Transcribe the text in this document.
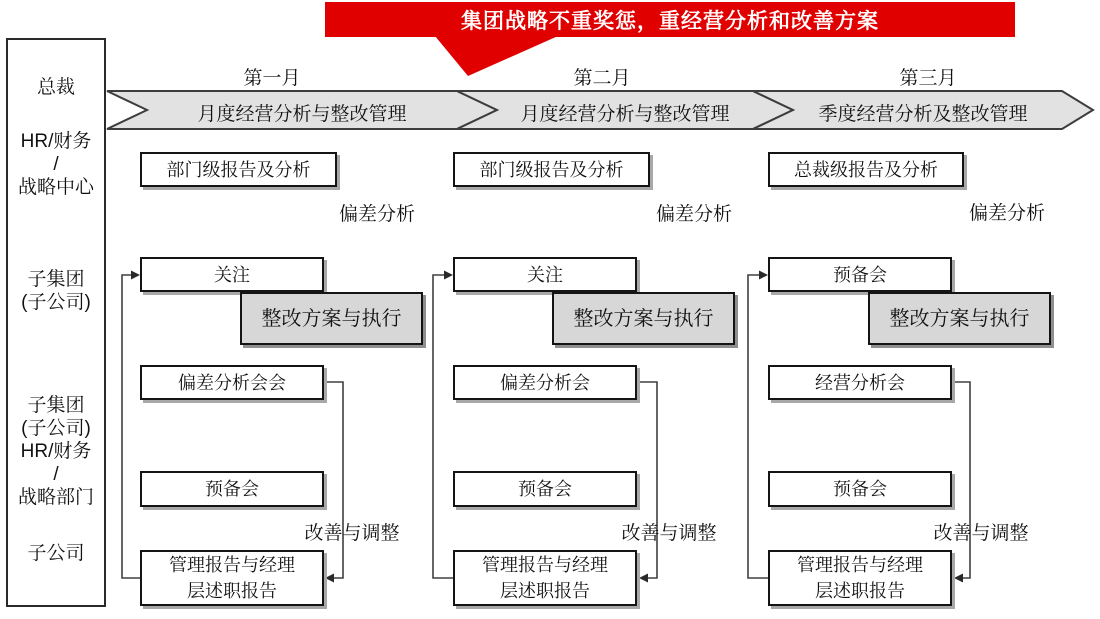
集团战略不重奖惩，重经营分析和改善方案
总裁
HR/财务
/
战略中心
子集团
(子公司)
子集团
(子公司)
HR/财务
/
战略部门
子公司
第一月	第二月	第三月
月度经营分析与整改管理	月度经营分析与整改管理	季度经营分析及整改管理
部门级报告及分析	部门级报告及分析	总裁级报告及分析
偏差分析	偏差分析	偏差分析
关注	关注	预备会
整改方案与执行	整改方案与执行	整改方案与执行
偏差分析会会	偏差分析会	经营分析会
预备会	预备会	预备会
改善与调整	改善与调整	改善与调整
管理报告与经理
层述职报告
管理报告与经理
层述职报告
管理报告与经理
层述职报告
